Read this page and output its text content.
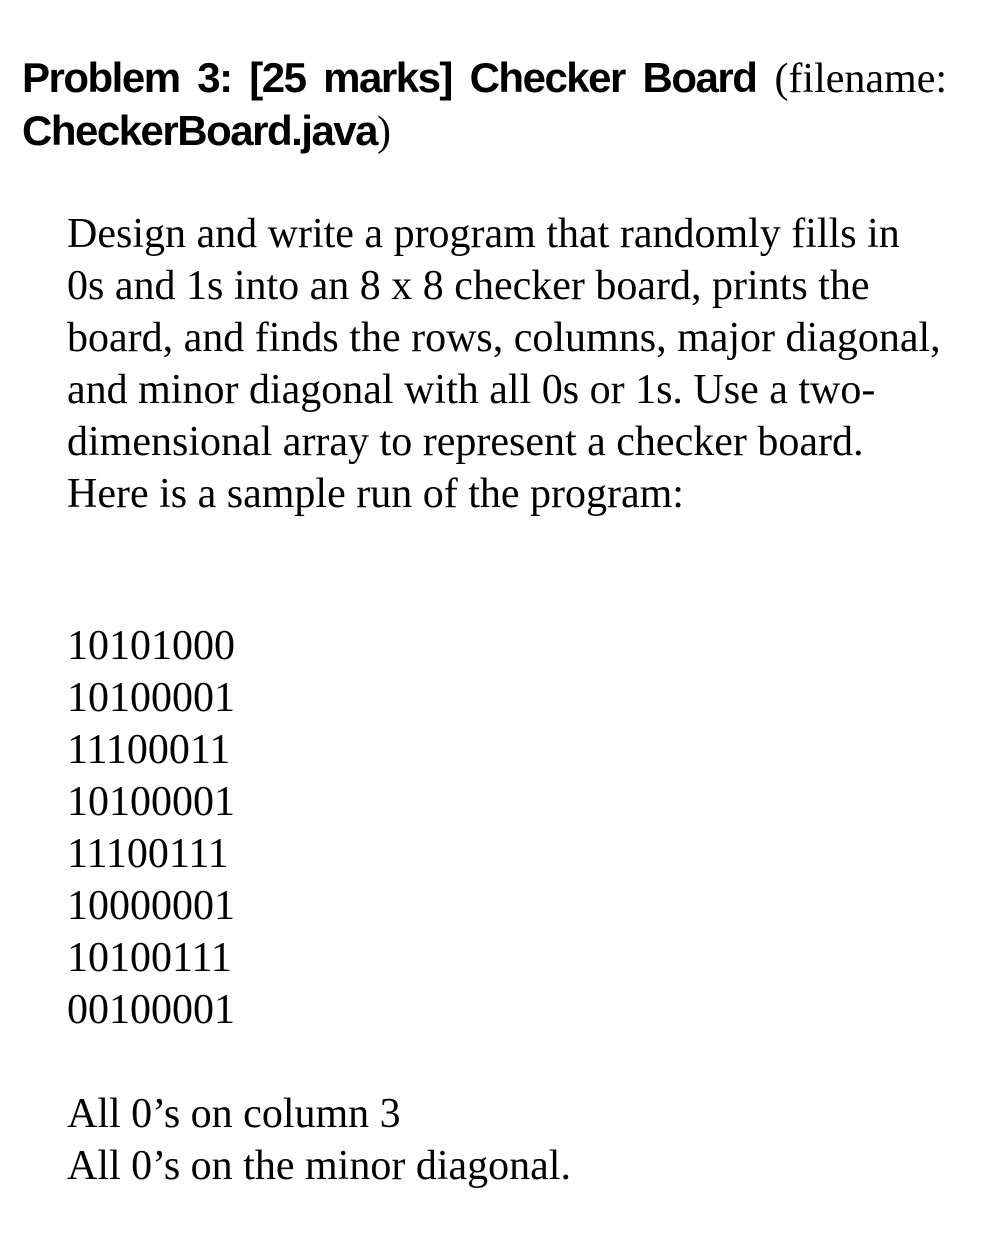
Problem 3: [25 marks] Checker Board (filename: CheckerBoard.java)

Design and write a program that randomly fills in 0s and 1s into an 8 x 8 checker board, prints the board, and finds the rows, columns, major diagonal, and minor diagonal with all 0s or 1s. Use a two-dimensional array to represent a checker board. Here is a sample run of the program:

10101000
10100001
11100011
10100001
11100111
10000001
10100111
00100001
All 0’s on column 3
All 0’s on the minor diagonal.
